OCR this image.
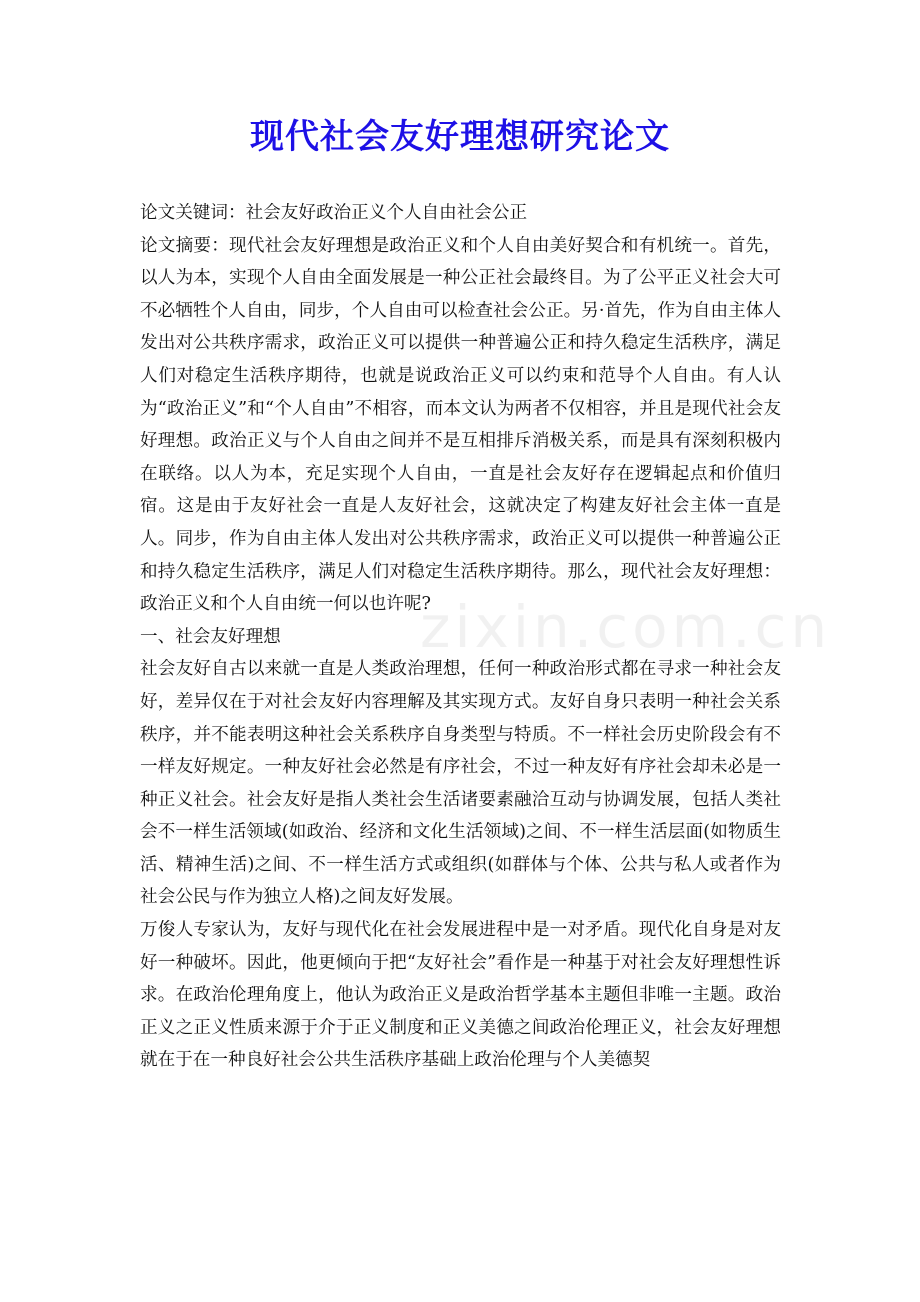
现代社会友好理想研究论文

论文关键词：社会友好政治正义个人自由社会公正

论文摘要：现代社会友好理想是政治正义和个人自由美好契合和有机统一。首先，以人为本，实现个人自由全面发展是一种公正社会最终目。为了公平正义社会大可不必牺牲个人自由，同步，个人自由可以检查社会公正。另·首先，作为自由主体人发出对公共秩序需求，政治正义可以提供一种普遍公正和持久稳定生活秩序，满足人们对稳定生活秩序期待，也就是说政治正义可以约束和范导个人自由。有人认为“政治正义”和“个人自由”不相容，而本文认为两者不仅相容，并且是现代社会友好理想。政治正义与个人自由之间并不是互相排斥消极关系，而是具有深刻积极内在联络。以人为本，充足实现个人自由，一直是社会友好存在逻辑起点和价值归宿。这是由于友好社会一直是人友好社会，这就决定了构建友好社会主体一直是人。同步，作为自由主体人发出对公共秩序需求，政治正义可以提供一种普遍公正和持久稳定生活秩序，满足人们对稳定生活秩序期待。那么，现代社会友好理想：政治正义和个人自由统一何以也许呢?

一、社会友好理想

社会友好自古以来就一直是人类政治理想，任何一种政治形式都在寻求一种社会友好，差异仅在于对社会友好内容理解及其实现方式。友好自身只表明一种社会关系秩序，并不能表明这种社会关系秩序自身类型与特质。不一样社会历史阶段会有不一样友好规定。一种友好社会必然是有序社会，不过一种友好有序社会却未必是一种正义社会。社会友好是指人类社会生活诸要素融洽互动与协调发展，包括人类社会不一样生活领域(如政治、经济和文化生活领域)之间、不一样生活层面(如物质生活、精神生活)之间、不一样生活方式或组织(如群体与个体、公共与私人或者作为社会公民与作为独立人格)之间友好发展。

万俊人专家认为，友好与现代化在社会发展进程中是一对矛盾。现代化自身是对友好一种破坏。因此，他更倾向于把“友好社会”看作是一种基于对社会友好理想性诉求。在政治伦理角度上，他认为政治正义是政治哲学基本主题但非唯一主题。政治正义之正义性质来源于介于正义制度和正义美德之间政治伦理正义，社会友好理想就在于在一种良好社会公共生活秩序基础上政治伦理与个人美德契

zixin.com.cn
